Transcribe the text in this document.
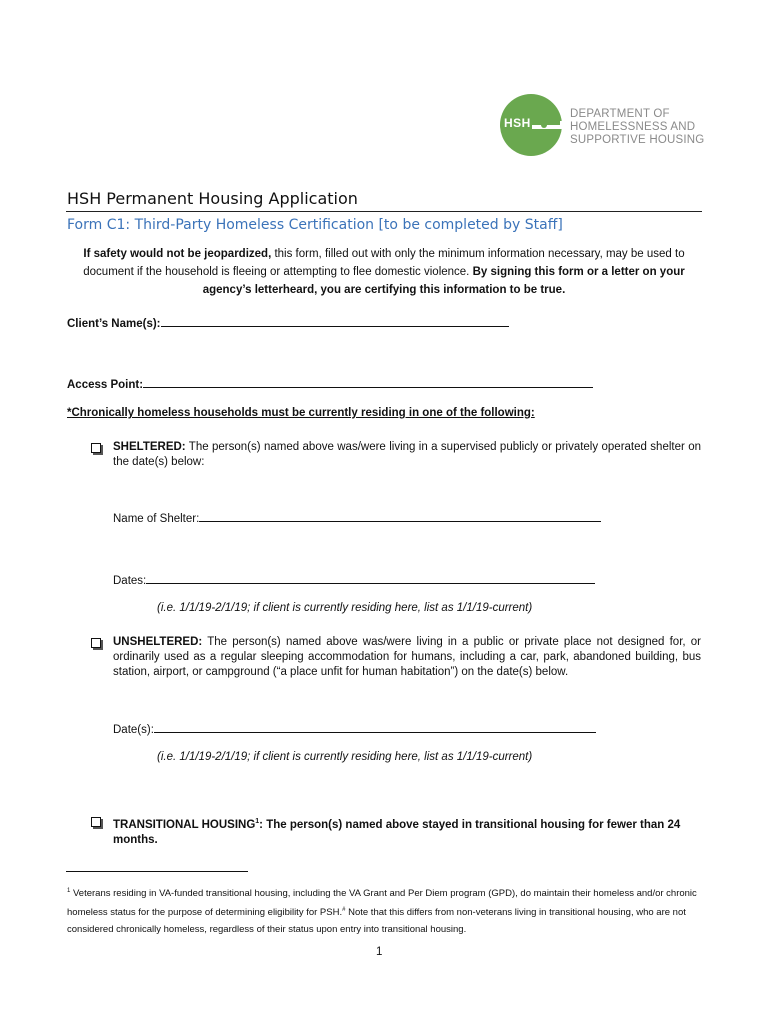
HSH
DEPARTMENT OF
HOMELESSNESS AND
SUPPORTIVE HOUSING
HSH Permanent Housing Application
Form C1: Third-Party Homeless Certification [to be completed by Staff]
If safety would not be jeopardized, this form, filled out with only the minimum information necessary, may be used to document if the household is fleeing or attempting to flee domestic violence. By signing this form or a letter on your agency’s letterheard, you are certifying this information to be true.
Client’s Name(s):
Access Point:
*Chronically homeless households must be currently residing in one of the following:
SHELTERED: The person(s) named above was/were living in a supervised publicly or privately operated shelter on the date(s) below:
Name of Shelter:
Dates:
(i.e. 1/1/19-2/1/19; if client is currently residing here, list as 1/1/19-current)
UNSHELTERED: The person(s) named above was/were living in a public or private place not designed for, or ordinarily used as a regular sleeping accommodation for humans, including a car, park, abandoned building, bus station, airport, or campground (“a place unfit for human habitation”) on the date(s) below.
Date(s):
(i.e. 1/1/19-2/1/19; if client is currently residing here, list as 1/1/19-current)
TRANSITIONAL HOUSING$^1$: The person(s) named above stayed in transitional housing for fewer than 24 months.
$^1$ Veterans residing in VA-funded transitional housing, including the VA Grant and Per Diem program (GPD), do maintain their homeless and/or chronic homeless status for the purpose of determining eligibility for PSH.# Note that this differs from non-veterans living in transitional housing, who are not considered chronically homeless, regardless of their status upon entry into transitional housing.
1
